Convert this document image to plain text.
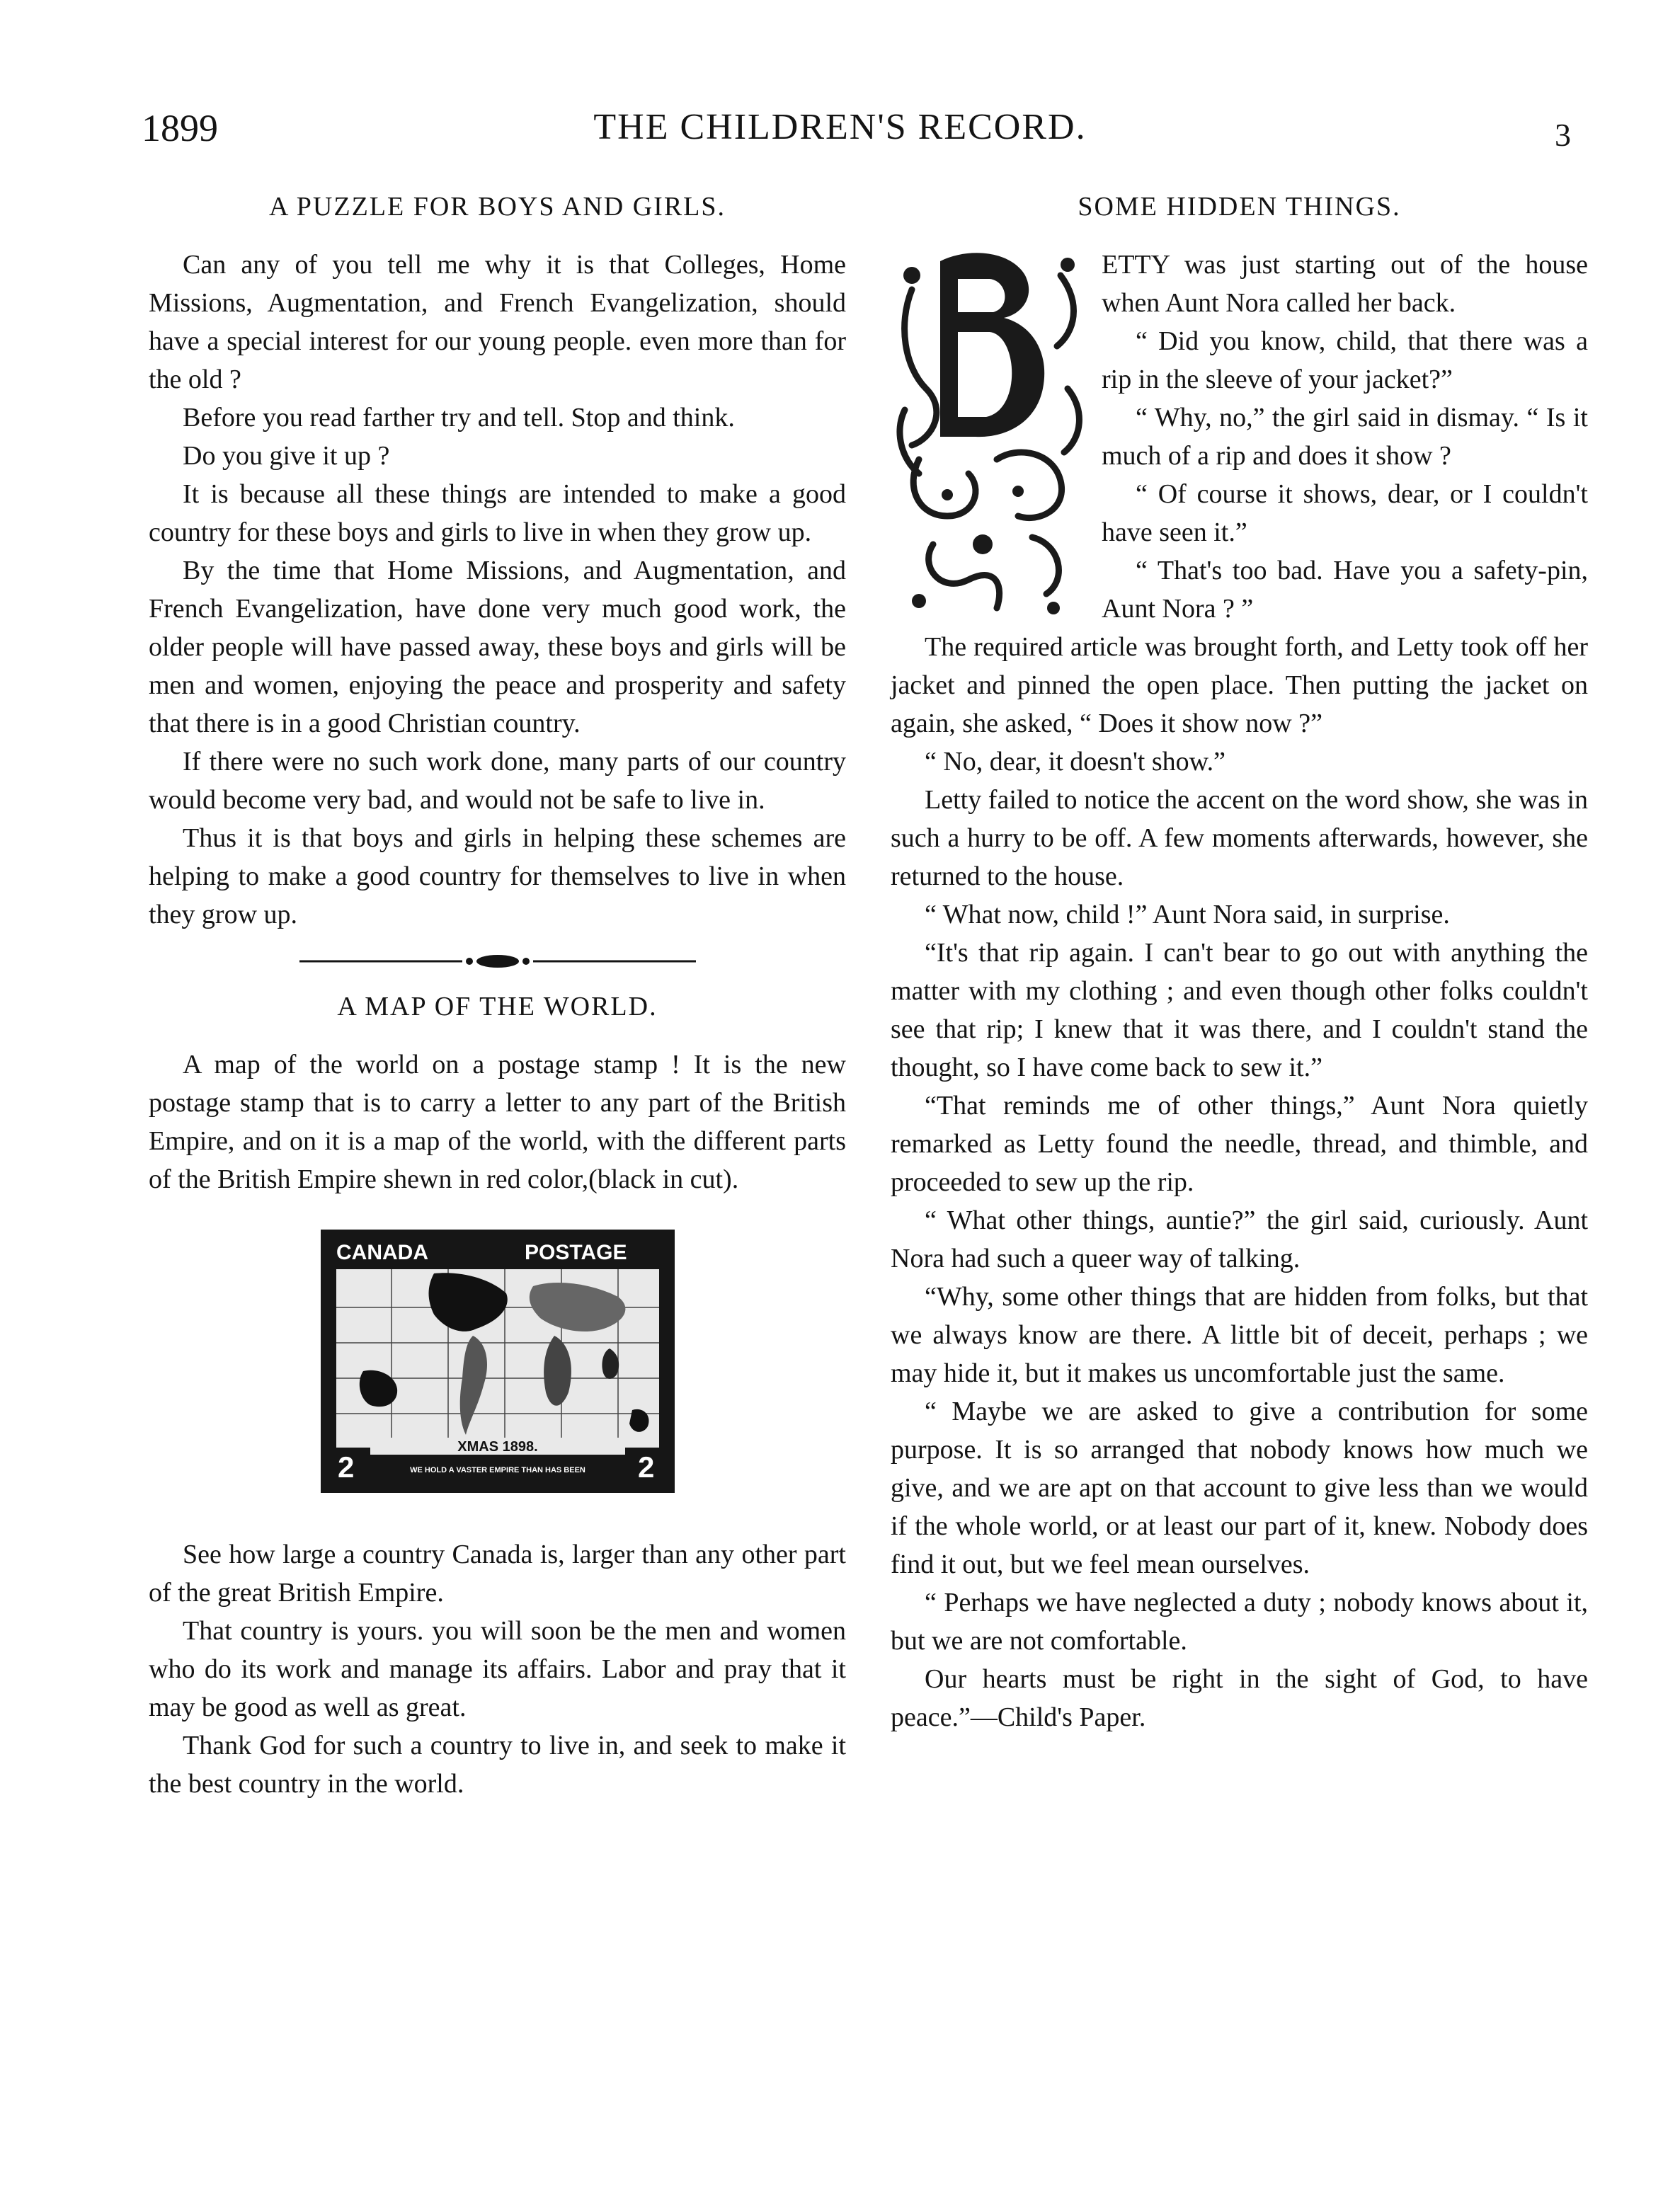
1899	THE CHILDREN'S RECORD.	3
A PUZZLE FOR BOYS AND GIRLS.

Can any of you tell me why it is that Colleges, Home Missions, Augmentation, and French Evangelization, should have a special interest for our young people. even more than for the old ?

Before you read farther try and tell. Stop and think.

Do you give it up ?

It is because all these things are intended to make a good country for these boys and girls to live in when they grow up.

By the time that Home Missions, and Augmentation, and French Evangelization, have done very much good work, the older people will have passed away, these boys and girls will be men and women, enjoying the peace and prosperity and safety that there is in a good Christian country.

If there were no such work done, many parts of our country would become very bad, and would not be safe to live in.

Thus it is that boys and girls in helping these schemes are helping to make a good country for themselves to live in when they grow up.

A MAP OF THE WORLD.

A map of the world on a postage stamp ! It is the new postage stamp that is to carry a letter to any part of the British Empire, and on it is a map of the world, with the different parts of the British Empire shewn in red color,(black in cut).

CANADA	POSTAGE
2	2
XMAS 1898.
WE HOLD A VASTER EMPIRE THAN HAS BEEN

See how large a country Canada is, larger than any other part of the great British Empire.

That country is yours. you will soon be the men and women who do its work and manage its affairs. Labor and pray that it may be good as well as great.

Thank God for such a country to live in, and seek to make it the best country in the world.

SOME HIDDEN THINGS.

ETTY was just starting out of the house when Aunt Nora called her back.

“ Did you know, child, that there was a rip in the sleeve of your jacket?”

“ Why, no,” the girl said in dismay. “ Is it much of a rip and does it show ?

“ Of course it shows, dear, or I couldn't have seen it.”

“ That's too bad. Have you a safety-pin, Aunt Nora ? ”

The required article was brought forth, and Letty took off her jacket and pinned the open place. Then putting the jacket on again, she asked, “ Does it show now ?”

“ No, dear, it doesn't show.”

Letty failed to notice the accent on the word show, she was in such a hurry to be off. A few moments afterwards, however, she returned to the house.

“ What now, child !” Aunt Nora said, in surprise.

“It's that rip again. I can't bear to go out with anything the matter with my clothing ; and even though other folks couldn't see that rip; I knew that it was there, and I couldn't stand the thought, so I have come back to sew it.”

“That reminds me of other things,” Aunt Nora quietly remarked as Letty found the needle, thread, and thimble, and proceeded to sew up the rip.

“ What other things, auntie?” the girl said, curiously. Aunt Nora had such a queer way of talking.

“Why, some other things that are hidden from folks, but that we always know are there. A little bit of deceit, perhaps ; we may hide it, but it makes us uncomfortable just the same.

“ Maybe we are asked to give a contribution for some purpose. It is so arranged that nobody knows how much we give, and we are apt on that account to give less than we would if the whole world, or at least our part of it, knew. Nobody does find it out, but we feel mean ourselves.

“ Perhaps we have neglected a duty ; nobody knows about it, but we are not comfortable.

Our hearts must be right in the sight of God, to have peace.”—Child's Paper.
